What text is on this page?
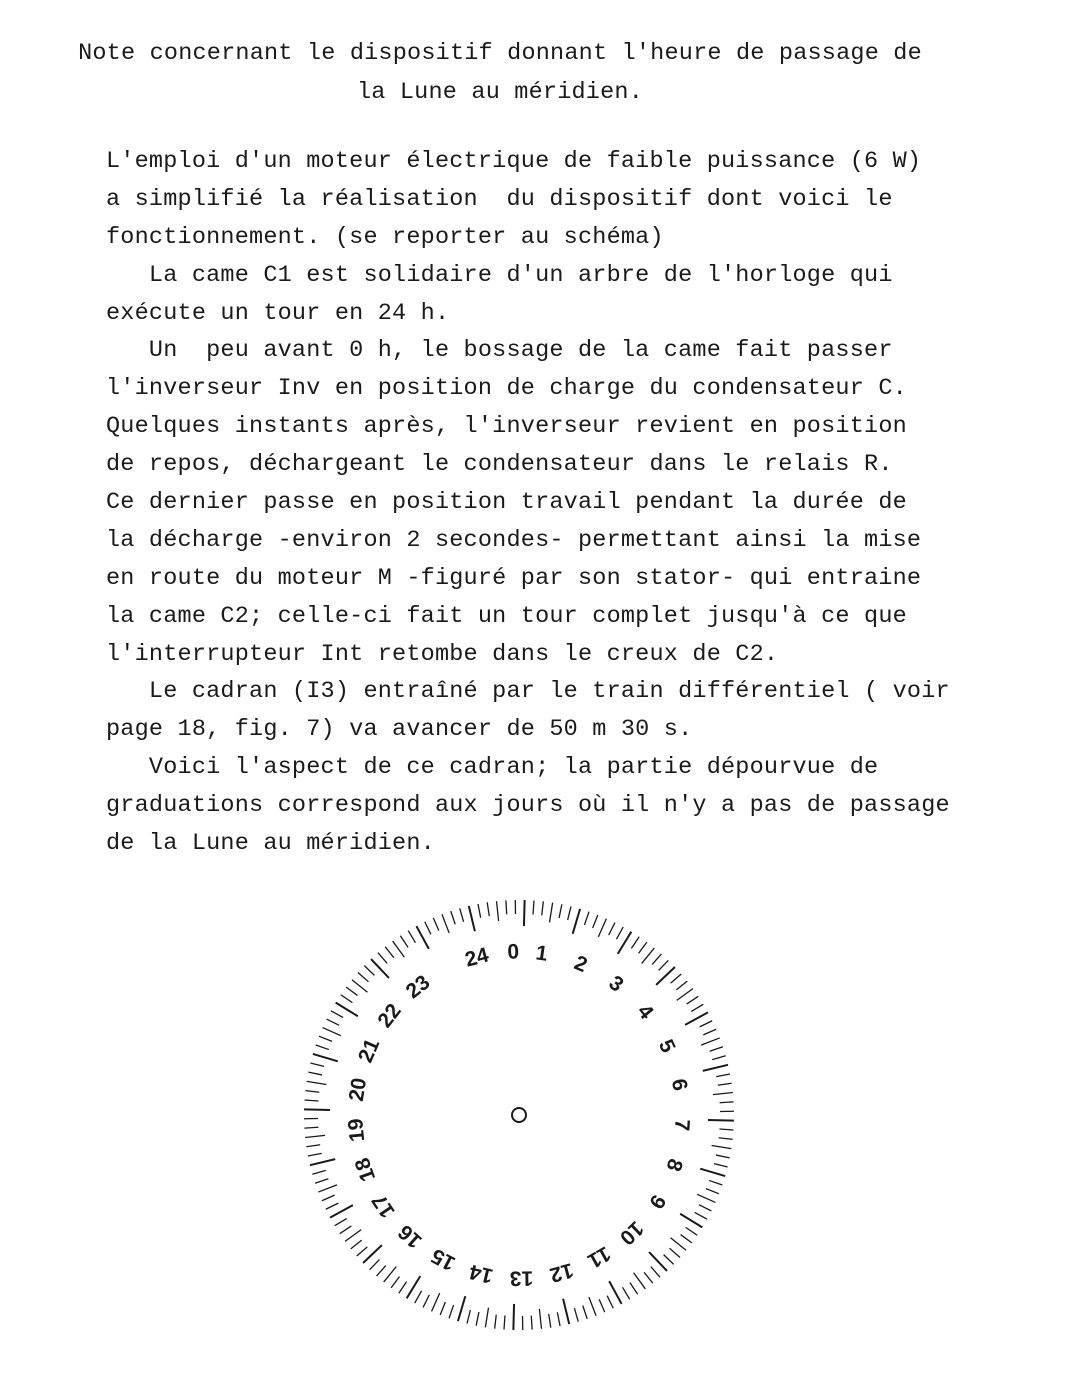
Note concernant le dispositif donnant l'heure de passage de
la Lune au méridien.
L'emploi d'un moteur électrique de faible puissance (6 W)
a simplifié la réalisation  du dispositif dont voici le
fonctionnement. (se reporter au schéma)
La came C1 est solidaire d'un arbre de l'horloge qui
exécute un tour en 24 h.
Un  peu avant 0 h, le bossage de la came fait passer
l'inverseur Inv en position de charge du condensateur C.
Quelques instants après, l'inverseur revient en position
de repos, déchargeant le condensateur dans le relais R.
Ce dernier passe en position travail pendant la durée de
la décharge -environ 2 secondes- permettant ainsi la mise
en route du moteur M -figuré par son stator- qui entraine
la came C2; celle-ci fait un tour complet jusqu'à ce que
l'interrupteur Int retombe dans le creux de C2.
Le cadran (I3) entraîné par le train différentiel ( voir
page 18, fig. 7) va avancer de 50 m 30 s.
Voici l'aspect de ce cadran; la partie dépourvue de
graduations correspond aux jours où il n'y a pas de passage
de la Lune au méridien.
0 1 2
3
4
5
6
7
8
9
10
11
12
13
14
15
16
17
18
19
20
21
22
23
24
